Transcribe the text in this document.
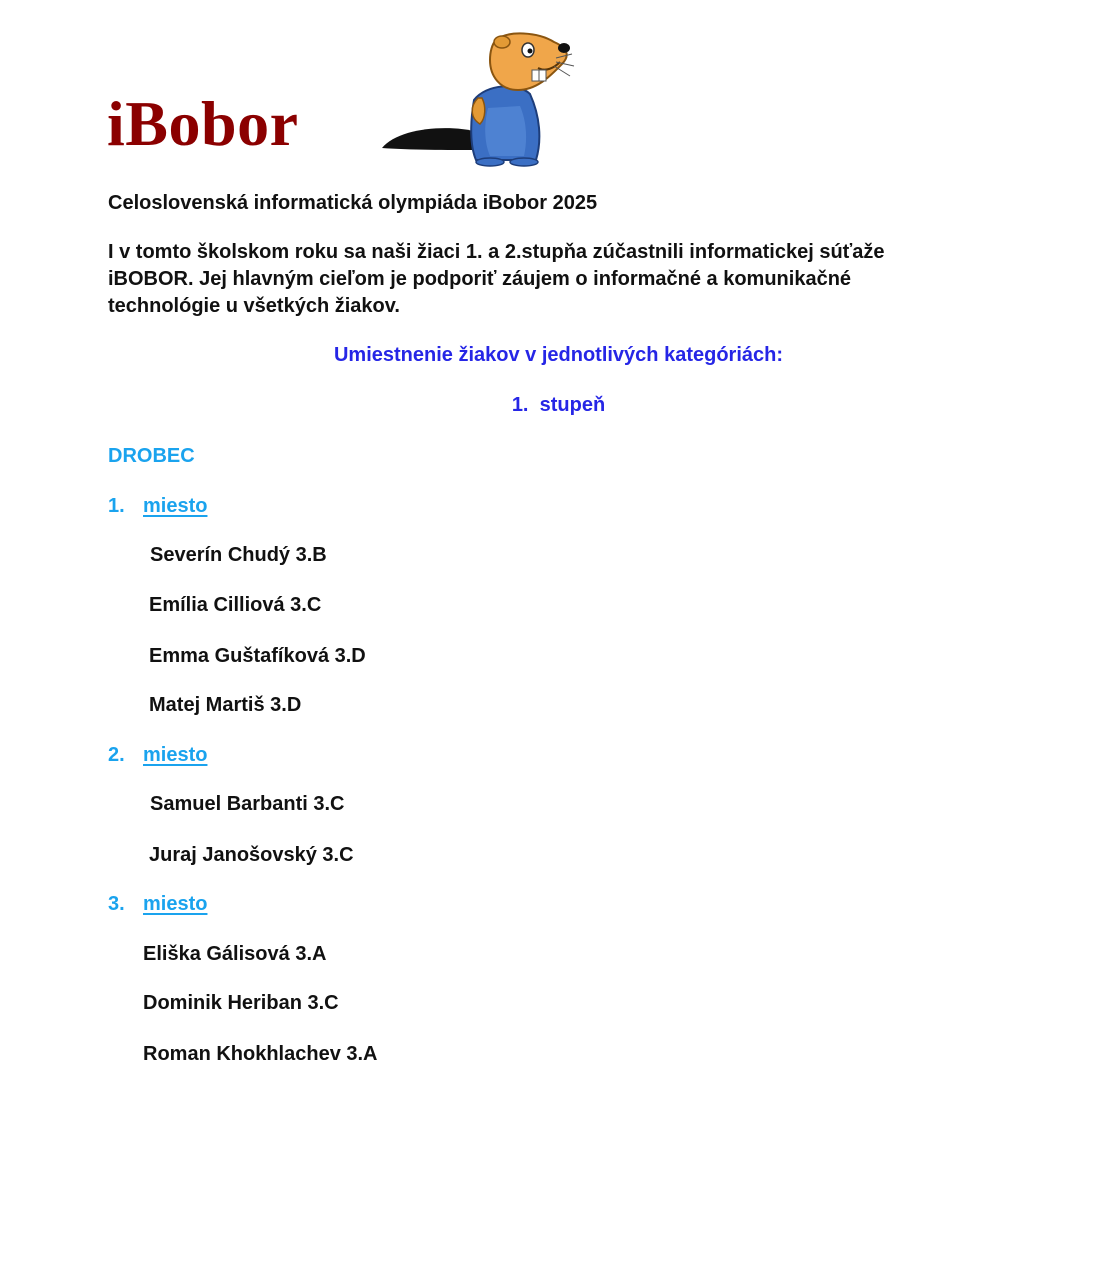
iBobor

Celoslovenská informatická olympiáda iBobor 2025

I v tomto školskom roku sa naši žiaci 1. a 2.stupňa zúčastnili informatickej súťaže iBOBOR. Jej hlavným cieľom je podporiť záujem o informačné a komunikačné technológie u všetkých žiakov.

Umiestnenie žiakov v jednotlivých kategóriách:

1.  stupeň

DROBEC

1. miesto

Severín Chudý 3.B

Emília Cilliová 3.C

Emma Guštafíková 3.D

Matej Martiš 3.D

2. miesto

Samuel Barbanti 3.C

Juraj Janošovský 3.C

3. miesto

Eliška Gálisová 3.A

Dominik Heriban 3.C

Roman Khokhlachev 3.A
